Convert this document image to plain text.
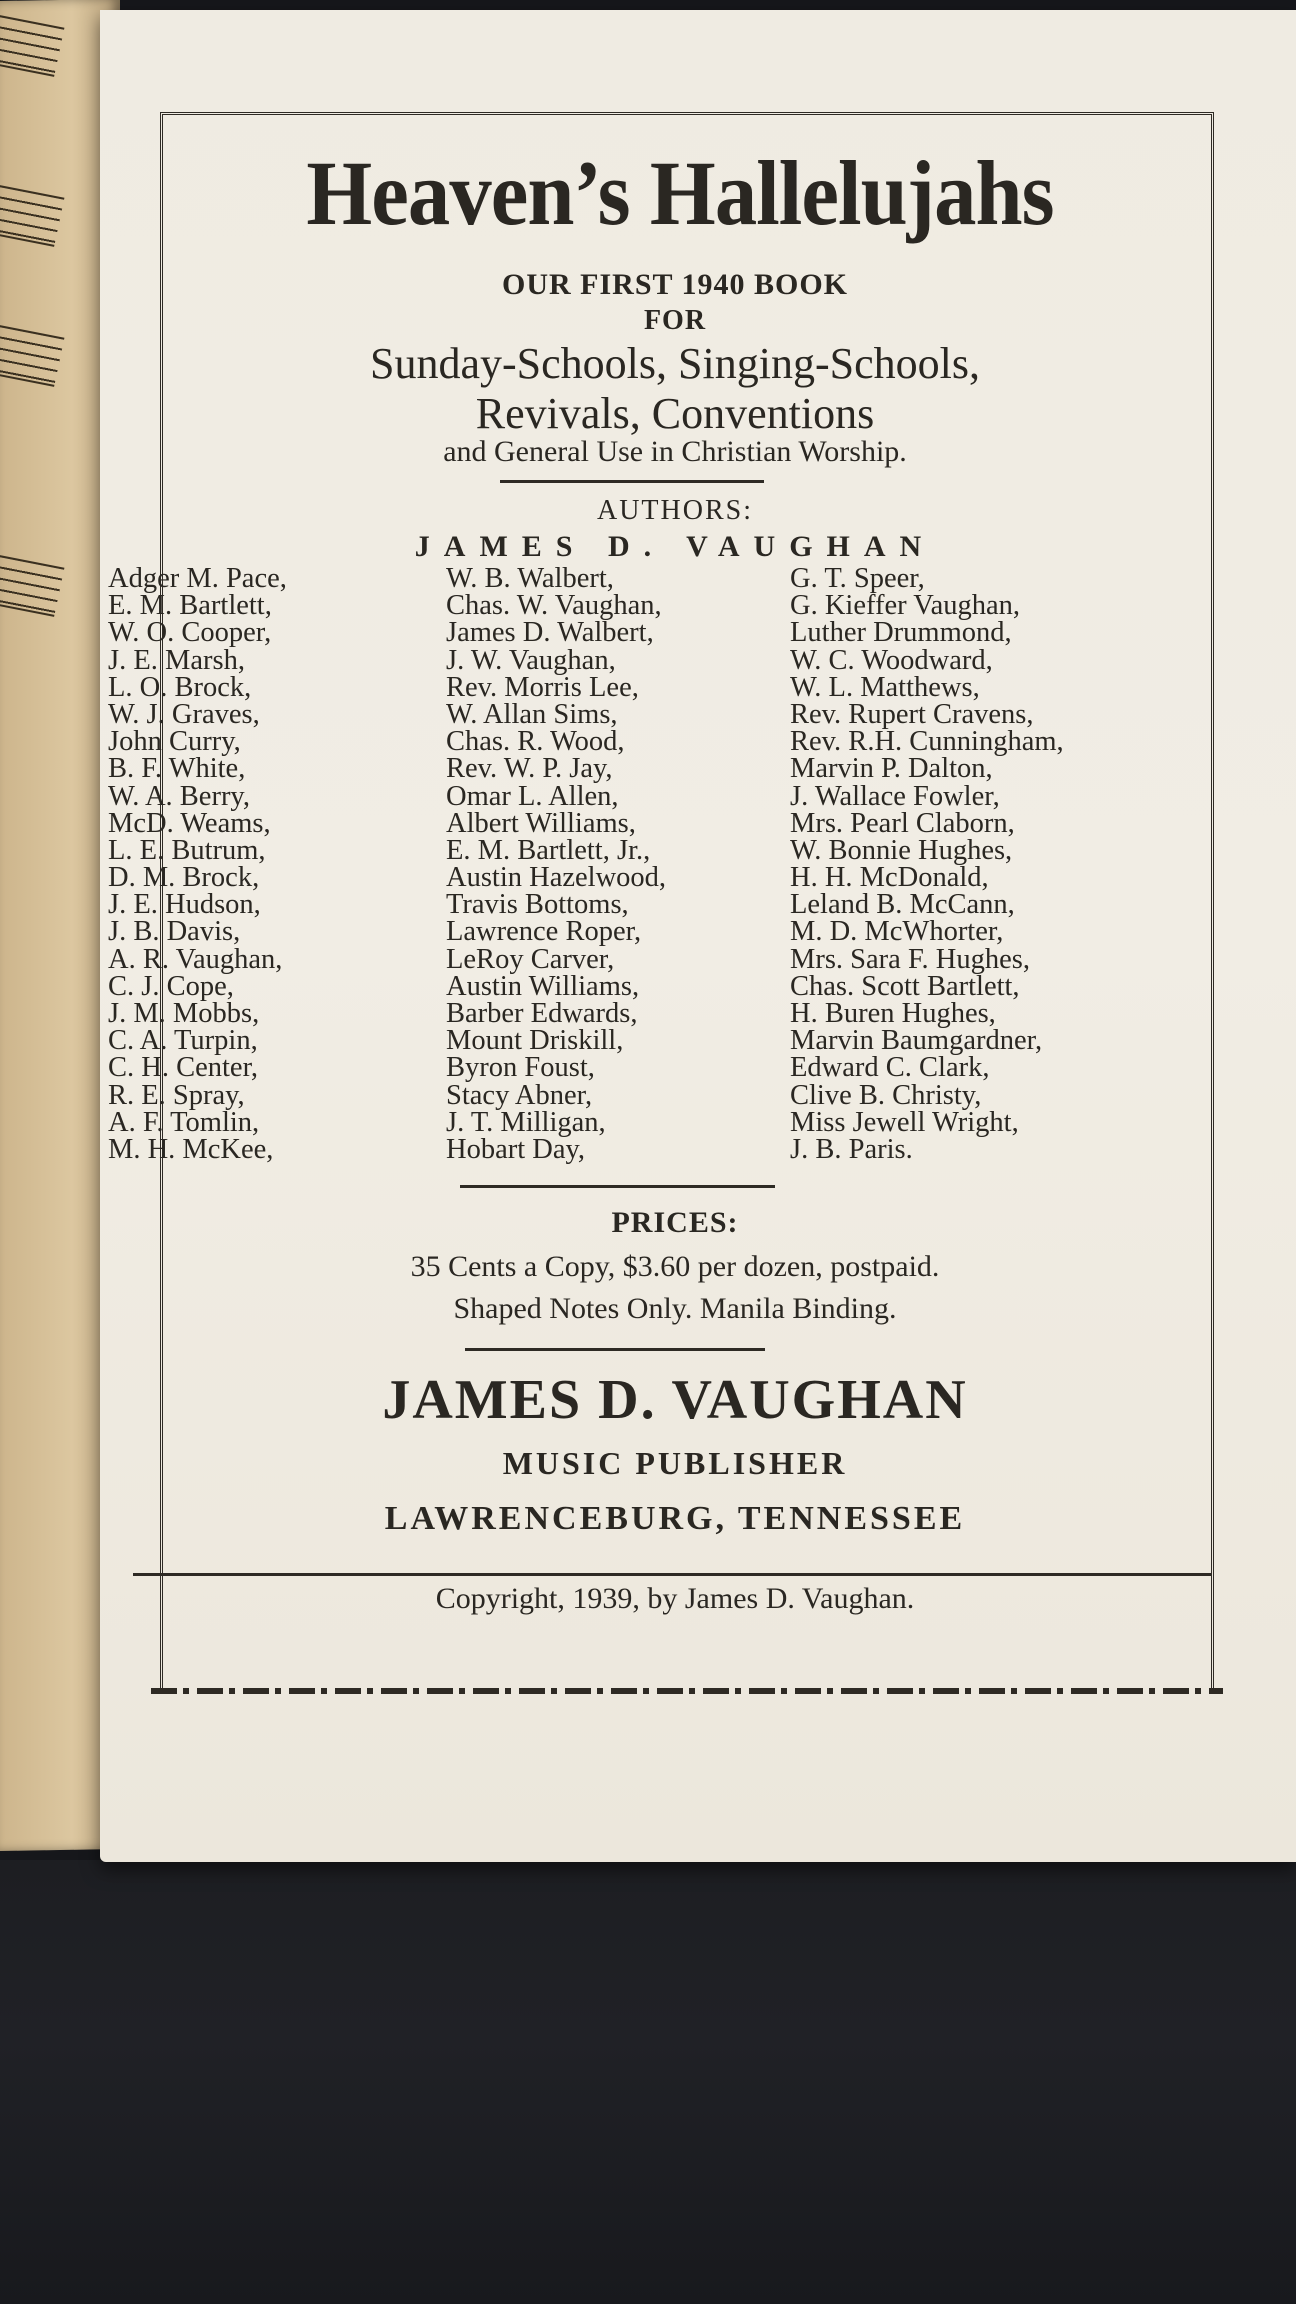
Heaven’s Hallelujahs
OUR FIRST 1940 BOOK
FOR
Sunday-Schools, Singing-Schools,
Revivals, Conventions
and General Use in Christian Worship.
AUTHORS:
JAMES D. VAUGHAN
Adger M. Pace,
E. M. Bartlett,
W. O. Cooper,
J. E. Marsh,
L. O. Brock,
W. J. Graves,
John Curry,
B. F. White,
W. A. Berry,
McD. Weams,
L. E. Butrum,
D. M. Brock,
J. E. Hudson,
J. B. Davis,
A. R. Vaughan,
C. J. Cope,
J. M. Mobbs,
C. A. Turpin,
C. H. Center,
R. E. Spray,
A. F. Tomlin,
M. H. McKee,
W. B. Walbert,
Chas. W. Vaughan,
James D. Walbert,
J. W. Vaughan,
Rev. Morris Lee,
W. Allan Sims,
Chas. R. Wood,
Rev. W. P. Jay,
Omar L. Allen,
Albert Williams,
E. M. Bartlett, Jr.,
Austin Hazelwood,
Travis Bottoms,
Lawrence Roper,
LeRoy Carver,
Austin Williams,
Barber Edwards,
Mount Driskill,
Byron Foust,
Stacy Abner,
J. T. Milligan,
Hobart Day,
G. T. Speer,
G. Kieffer Vaughan,
Luther Drummond,
W. C. Woodward,
W. L. Matthews,
Rev. Rupert Cravens,
Rev. R.H. Cunningham,
Marvin P. Dalton,
J. Wallace Fowler,
Mrs. Pearl Claborn,
W. Bonnie Hughes,
H. H. McDonald,
Leland B. McCann,
M. D. McWhorter,
Mrs. Sara F. Hughes,
Chas. Scott Bartlett,
H. Buren Hughes,
Marvin Baumgardner,
Edward C. Clark,
Clive B. Christy,
Miss Jewell Wright,
J. B. Paris.
PRICES:
35 Cents a Copy, $3.60 per dozen, postpaid.
Shaped Notes Only. Manila Binding.
JAMES D. VAUGHAN
MUSIC PUBLISHER
LAWRENCEBURG, TENNESSEE
Copyright, 1939, by James D. Vaughan.
